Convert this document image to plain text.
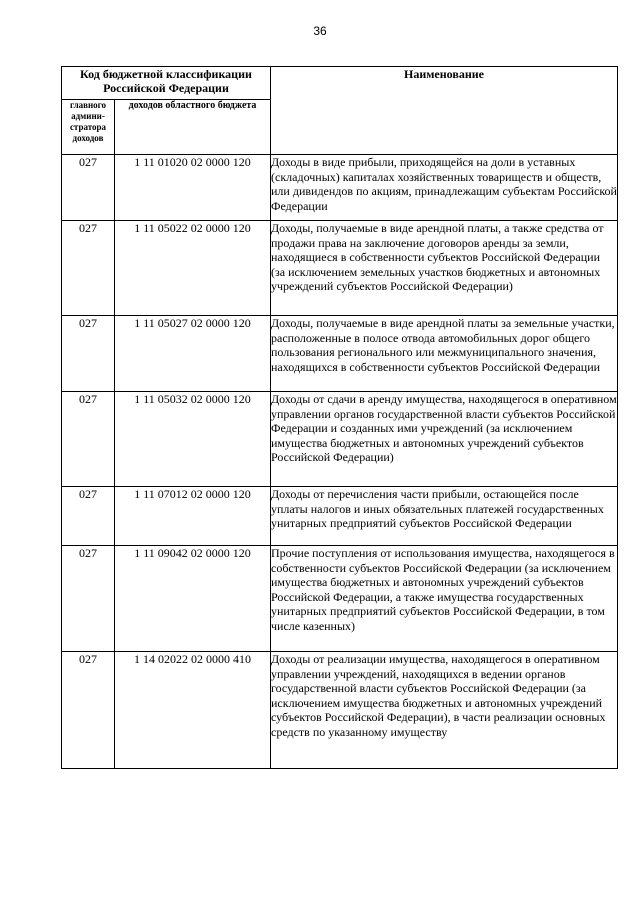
36
Код бюджетной классификации Российской Федерации		Наименование
главного админи-стратора доходов	доходов областного бюджета	
027	1 11 01020 02 0000 120	Доходы в виде прибыли, приходящейся на доли в уставных (складочных) капиталах хозяйственных товариществ и обществ, или дивидендов по акциям, принадлежащим субъектам Российской Федерации
027	1 11 05022 02 0000 120	Доходы, получаемые в виде арендной платы, а также средства от продажи права на заключение договоров аренды за земли, находящиеся в собственности субъектов Российской Федерации (за исключением земельных участков бюджетных и автономных учреждений субъектов Российской Федерации)
027	1 11 05027 02 0000 120	Доходы, получаемые в виде арендной платы за земельные участки, расположенные в полосе отвода автомобильных дорог общего пользования регионального или межмуниципального значения, находящихся в собственности субъектов Российской Федерации
027	1 11 05032 02 0000 120	Доходы от сдачи в аренду имущества, находящегося в оперативном управлении органов государственной власти субъектов Российской Федерации и созданных ими учреждений (за исключением имущества бюджетных и автономных учреждений субъектов Российской Федерации)
027	1 11 07012 02 0000 120	Доходы от перечисления части прибыли, остающейся после уплаты налогов и иных обязательных платежей государственных унитарных предприятий субъектов Российской Федерации
027	1 11 09042 02 0000 120	Прочие поступления от использования имущества, находящегося в собственности субъектов Российской Федерации (за исключением имущества бюджетных и автономных учреждений субъектов Российской Федерации, а также имущества государственных унитарных предприятий субъектов Российской Федерации, в том числе казенных)
027	1 14 02022 02 0000 410	Доходы от реализации имущества, находящегося в оперативном управлении учреждений, находящихся в ведении органов государственной власти субъектов Российской Федерации (за исключением имущества бюджетных и автономных учреждений субъектов Российской Федерации), в части реализации основных средств по указанному имуществу
